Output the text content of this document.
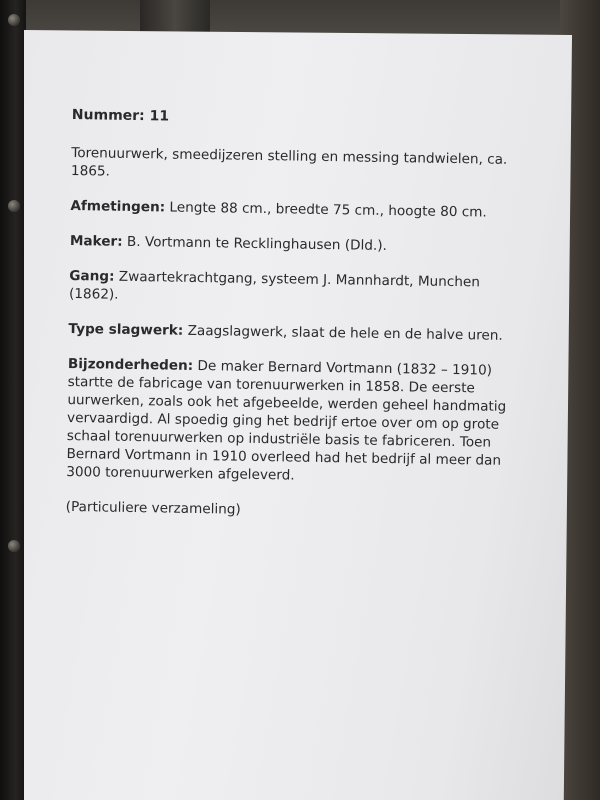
Nummer: 11
Torenuurwerk, smeedijzeren stelling en messing tandwielen, ca. 1865.
Afmetingen: Lengte 88 cm., breedte 75 cm., hoogte 80 cm.
Maker: B. Vortmann te Recklinghausen (Dld.).
Gang: Zwaartekrachtgang, systeem J. Mannhardt, Munchen (1862).
Type slagwerk: Zaagslagwerk, slaat de hele en de halve uren.
Bijzonderheden: De maker Bernard Vortmann (1832 – 1910) startte de fabricage van torenuurwerken in 1858. De eerste uurwerken, zoals ook het afgebeelde, werden geheel handmatig vervaardigd. Al spoedig ging het bedrijf ertoe over om op grote schaal torenuurwerken op industriële basis te fabriceren. Toen Bernard Vortmann in 1910 overleed had het bedrijf al meer dan 3000 torenuurwerken afgeleverd.
(Particuliere verzameling)
